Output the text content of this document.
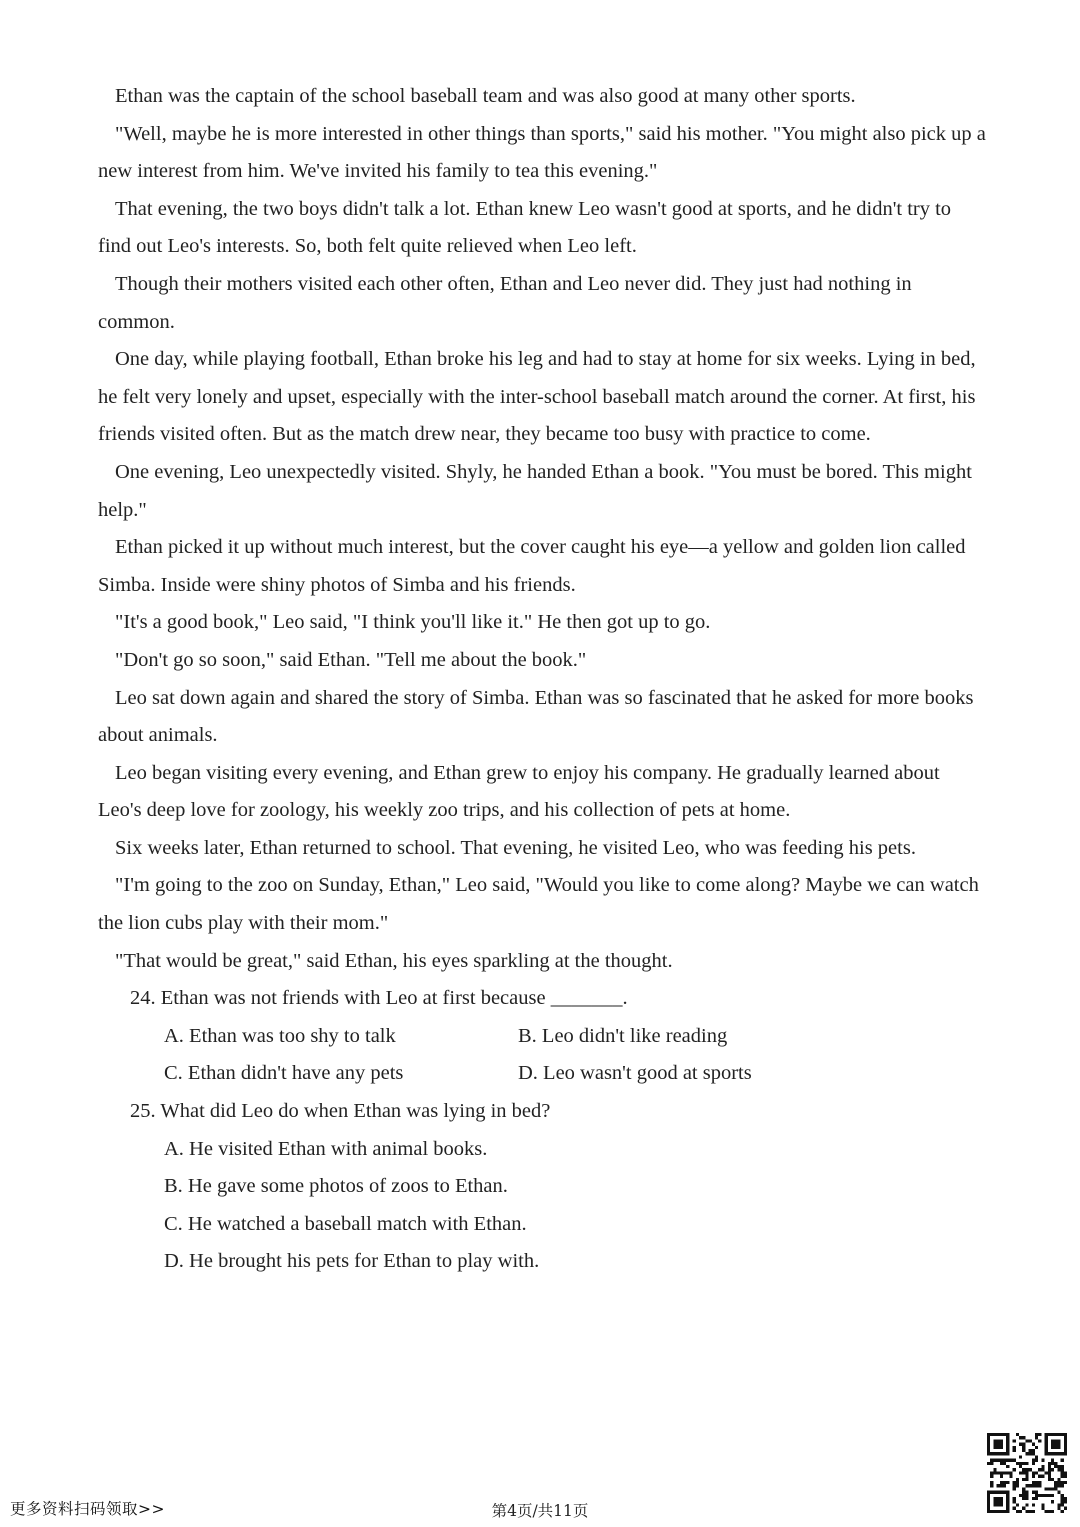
Ethan was the captain of the school baseball team and was also good at many other sports.

"Well, maybe he is more interested in other things than sports," said his mother. "You might also pick up a new interest from him. We've invited his family to tea this evening."

That evening, the two boys didn't talk a lot. Ethan knew Leo wasn't good at sports, and he didn't try to find out Leo's interests. So, both felt quite relieved when Leo left.

Though their mothers visited each other often, Ethan and Leo never did. They just had nothing in common.

One day, while playing football, Ethan broke his leg and had to stay at home for six weeks. Lying in bed, he felt very lonely and upset, especially with the inter-school baseball match around the corner. At first, his friends visited often. But as the match drew near, they became too busy with practice to come.

One evening, Leo unexpectedly visited. Shyly, he handed Ethan a book. "You must be bored. This might help."

Ethan picked it up without much interest, but the cover caught his eye—a yellow and golden lion called Simba. Inside were shiny photos of Simba and his friends.

"It's a good book," Leo said, "I think you'll like it." He then got up to go.

"Don't go so soon," said Ethan. "Tell me about the book."

Leo sat down again and shared the story of Simba. Ethan was so fascinated that he asked for more books about animals.

Leo began visiting every evening, and Ethan grew to enjoy his company. He gradually learned about Leo's deep love for zoology, his weekly zoo trips, and his collection of pets at home.

Six weeks later, Ethan returned to school. That evening, he visited Leo, who was feeding his pets.

"I'm going to the zoo on Sunday, Ethan," Leo said, "Would you like to come along? Maybe we can watch the lion cubs play with their mom."

"That would be great," said Ethan, his eyes sparkling at the thought.

24. Ethan was not friends with Leo at first because _______.

A. Ethan was too shy to talk	B. Leo didn't like reading
C. Ethan didn't have any pets	D. Leo wasn't good at sports

25. What did Leo do when Ethan was lying in bed?

A. He visited Ethan with animal books.

B. He gave some photos of zoos to Ethan.

C. He watched a baseball match with Ethan.

D. He brought his pets for Ethan to play with.

更多资料扫码领取>>	第4页/共11页
